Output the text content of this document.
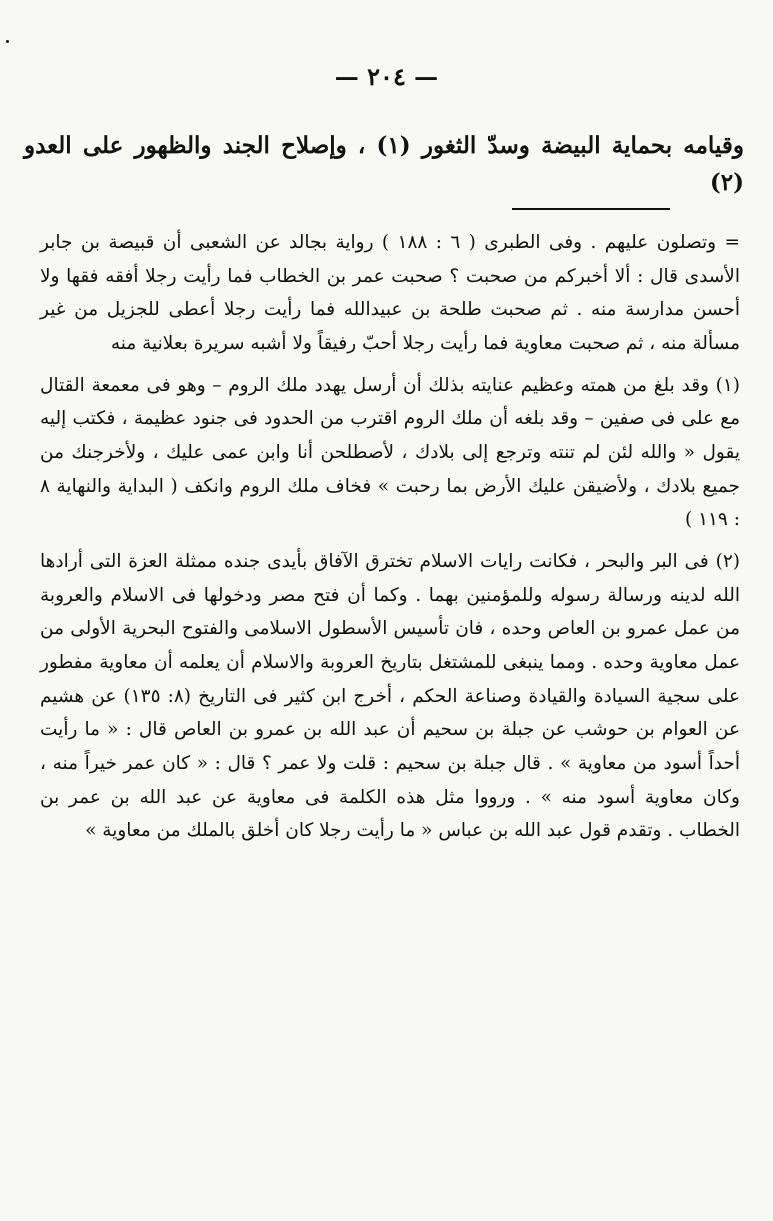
— ٢٠٤ —
وقيامه بحماية البيضة وسدّ الثغور (١) ، وإصلاح الجند والظهور على العدو (٢)

= وتصلون عليهم . وفى الطبرى ( ٦ : ١٨٨ ) رواية بجالد عن الشعبى أن قبيصة بن جابر الأسدى قال : ألا أخبركم من صحبت ؟ صحبت عمر بن الخطاب فما رأيت رجلا أفقه فقها ولا أحسن مدارسة منه . ثم صحبت طلحة بن عبيدالله فما رأيت رجلا أعطى للجزيل من غير مسألة منه ، ثم صحبت معاوية فما رأيت رجلا أحبّ رفيقاً ولا أشبه سريرة بعلانية منه

(١) وقد بلغ من همته وعظيم عنايته بذلك أن أرسل يهدد ملك الروم – وهو فى معمعة القتال مع على فى صفين – وقد بلغه أن ملك الروم اقترب من الحدود فى جنود عظيمة ، فكتب إليه يقول « والله لئن لم تنته وترجع إلى بلادك ، لأصطلحن أنا وابن عمى عليك ، ولأخرجنك من جميع بلادك ، ولأضيقن عليك الأرض بما رحبت » فخاف ملك الروم وانكف ( البداية والنهاية ٨ : ١١٩ )

(٢) فى البر والبحر ، فكانت رايات الاسلام تخترق الآفاق بأيدى جنده ممثلة العزة التى أرادها الله لدينه ورسالة رسوله وللمؤمنين بهما . وكما أن فتح مصر ودخولها فى الاسلام والعروبة من عمل عمرو بن العاص وحده ، فان تأسيس الأسطول الاسلامى والفتوح البحرية الأولى من عمل معاوية وحده . ومما ينبغى للمشتغل بتاريخ العروبة والاسلام أن يعلمه أن معاوية مفطور على سجية السيادة والقيادة وصناعة الحكم ، أخرج ابن كثير فى التاريخ (٨: ١٣٥) عن هشيم عن العوام بن حوشب عن جبلة بن سحيم أن عبد الله بن عمرو بن العاص قال : « ما رأيت أحداً أسود من معاوية » . قال جبلة بن سحيم : قلت ولا عمر ؟ قال : « كان عمر خيراً منه ، وكان معاوية أسود منه » . ورووا مثل هذه الكلمة فى معاوية عن عبد الله بن عمر بن الخطاب . وتقدم قول عبد الله بن عباس « ما رأيت رجلا كان أخلق بالملك من معاوية »
